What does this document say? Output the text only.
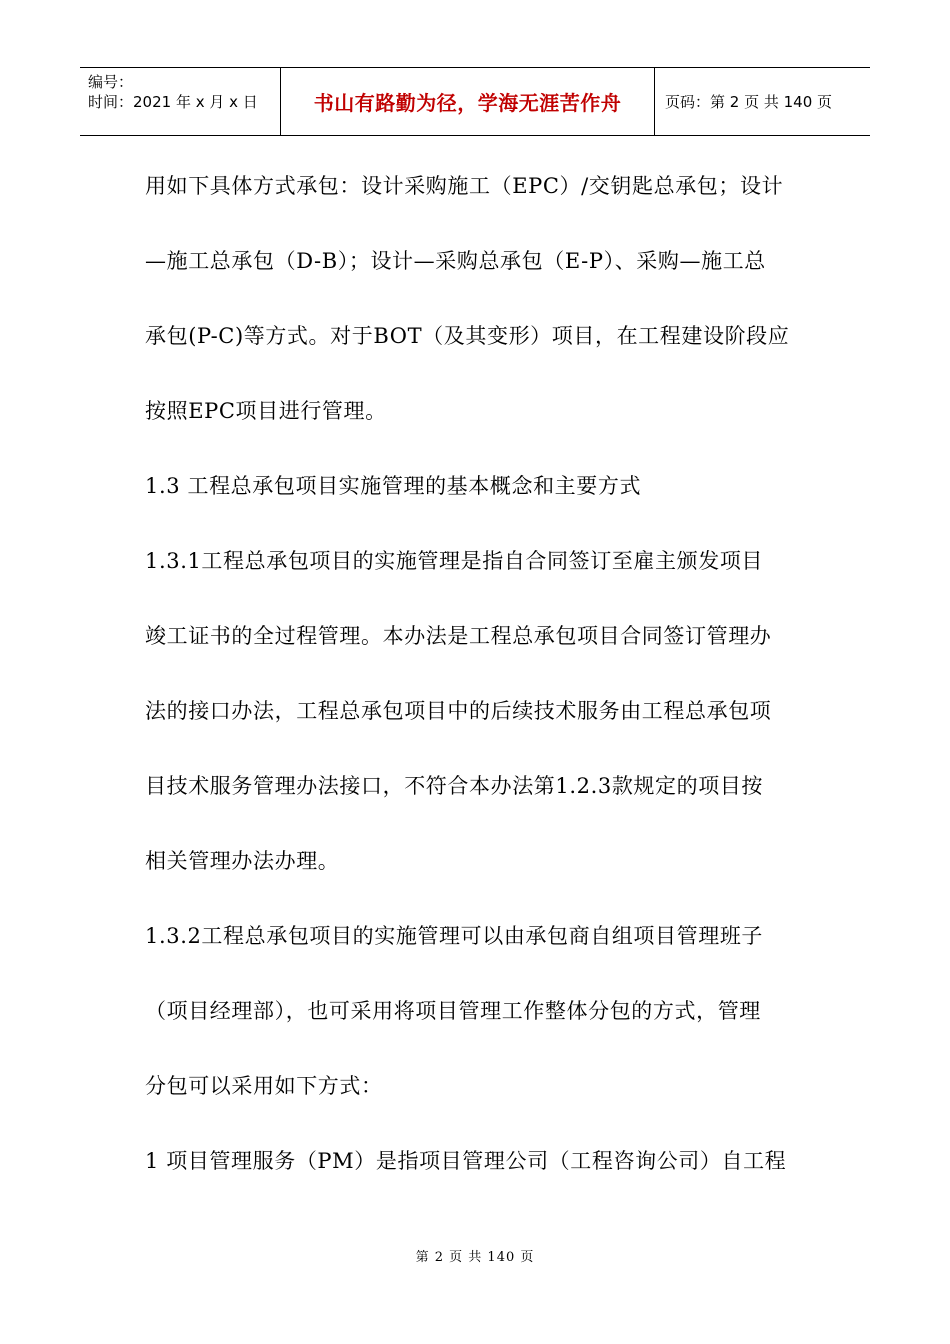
编号：
时间：2021 年 x 月 x 日	书山有路勤为径，学海无涯苦作舟	页码：第 2 页 共 140 页
用如下具体方式承包：设计采购施工（EPC）/交钥匙总承包；设计
—施工总承包（D-B）；设计—采购总承包（E-P）、采购—施工总
承包(P-C)等方式。对于BOT（及其变形）项目，在工程建设阶段应
按照EPC项目进行管理。
1.3 工程总承包项目实施管理的基本概念和主要方式
1.3.1工程总承包项目的实施管理是指自合同签订至雇主颁发项目
竣工证书的全过程管理。本办法是工程总承包项目合同签订管理办
法的接口办法，工程总承包项目中的后续技术服务由工程总承包项
目技术服务管理办法接口，不符合本办法第1.2.3款规定的项目按
相关管理办法办理。
1.3.2工程总承包项目的实施管理可以由承包商自组项目管理班子
（项目经理部），也可采用将项目管理工作整体分包的方式，管理
分包可以采用如下方式：
1 项目管理服务（PM）是指项目管理公司（工程咨询公司）自工程
第 2 页 共 140 页
